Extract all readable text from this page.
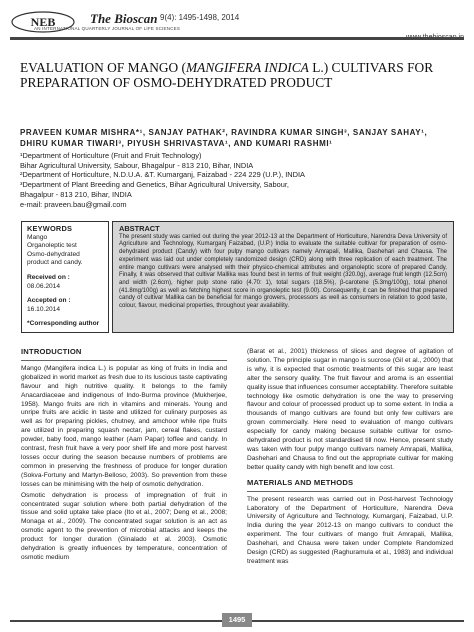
NEB	The Bioscan 9(4): 1495-1498, 2014
AN INTERNATIONAL QUARTERLY JOURNAL OF LIFE SCIENCES
EVALUATION OF MANGO (MANGIFERA INDICA L.) CULTIVARS FOR PREPARATION OF OSMO-DEHYDRATED PRODUCT
PRAVEEN KUMAR MISHRA*¹, SANJAY PATHAK², RAVINDRA KUMAR SINGH³, SANJAY SAHAY¹,
DHIRU KUMAR TIWARI³, PIYUSH SHRIVASTAVA¹, AND KUMARI RASHMI¹
¹Department of Horticulture (Fruit and Fruit Technology)
Bihar Agricultural University, Sabour, Bhagalpur - 813 210, Bihar, INDIA
²Department of Horticulture, N.D.U.A. &T. Kumarganj, Faizabad - 224 229 (U.P.), INDIA
³Department of Plant Breeding and Genetics, Bihar Agricultural University, Sabour,
Bhagalpur - 813 210, Bihar, INDIA
e-mail: praveen.bau@gmail.com
KEYWORDS
Mango
Organoleptic test
Osmo-dehydrated
product and candy.
Received on :
08.06.2014
Accepted on :
16.10.2014
*Corresponding author
ABSTRACT
The present study was carried out during the year 2012-13 at the Department of Horticulture, Narendra Deva University of Agriculture and Technology, Kumarganj Faizabad, (U.P.) India to evaluate the suitable cultivar for preparation of osmo-dehydrated product (Candy) with four pulpy mango cultivars namely Amrapali, Mallika, Dashehari and Chausa. The experiment was laid out under completely randomized design (CRD) along with three replication of each treatment. The entire mango cultivars were analysed with their physico-chemical attributes and organoleptic score of prepared Candy. Finally, it was observed that cultivar Mallika was found best in terms of fruit weight (320.0g), average fruit length (12.5cm) and width (2.6cm), higher pulp stone ratio (4.70: 1), total sugars (18.5%), β-carotene (5.3mg/100g), total phenol (41.8mg/100g) as well as fetching highest score in organoleptic test (9.00). Consequently, it can be finished that prepared candy of cultivar Mallika can be beneficial for mango growers, processors as well as consumers in relation to good taste, colour, flavour, medicinal properties, throughout year availability.
INTRODUCTION

Mango (Mangifera indica L.) is popular as king of fruits in India and globalized in world market as fresh due to its luscious taste captivating flavour and high nutritive quality. It belongs to the family Anacardiaceae and indigenous of Indo-Burma province (Mukherjee, 1958). Mango fruits are rich in vitamins and minerals. Young and unripe fruits are acidic in taste and utilized for culinary purposes as well as for preparing pickles, chutney, and amchoor while ripe fruits are utilized in preparing squash nectar, jam, cereal flakes, custard powder, baby food, mango leather (Aam Papar) toffee and candy. In contrast, fresh fruit have a very poor shelf life and more post harvest losses occur during the season because numbers of problems are common in preserving the freshness of produce for longer duration (Sokva-Fortuny and Martyn-Belloso, 2003). So prevention from these losses can be minimising with the help of osmotic dehydration.

Osmotic dehydration is process of impregnation of fruit in concentrated sugar solution where both partial dehydration of the tissue and solid uptake take place (Ito et al., 2007; Deng et al., 2008; Monaga et al., 2009). The concentrated sugar solution is an act as osmotic agent to the prevention of microbial attacks and keeps the product for longer duration (Ginalado et al. 2003). Osmotic dehydration is greatly influences by temperature, concentration of osmotic medium

(Barat et al., 2001) thickness of slices and degree of agitation of solution. The principle sugar in mango is sucrose (Gil et al., 2000) that is why, it is expected that osmotic treatments of this sugar are least alter the sensory quality. The fruit flavour and aroma is an essential quality issue that influences consumer acceptability. Therefore suitable technology like osmotic dehydration is one the way to preserving flavour and colour of processed product up to some extent. In India a thousands of mango cultivars are found but only few cultivars are grown commercially. Here need to evaluation of mango cultivars especially for candy making because suitable cultivar for osmo-dehydrated product is not standardised till now. Hence, present study was taken with four pulpy mango cultivars namely Amrapali, Mallika, Dashehari and Chausa to find out the appropriate cultivar for making better quality candy with high benefit and low cost.

MATERIALS AND METHODS

The present research was carried out in Post-harvest Technology Laboratory of the Department of Horticulture, Narendra Deva University of Agriculture and Technology, Kumarganj, Faizabad, U.P. India during the year 2012-13 on mango cultivars to conduct the experiment. The four cultivars of mango fruit Amrapali, Mallika, Dashehari, and Chausa were taken under Complete Randomized Design (CRD) as suggested (Raghuramula et al., 1983) and individual treatment was

1495
